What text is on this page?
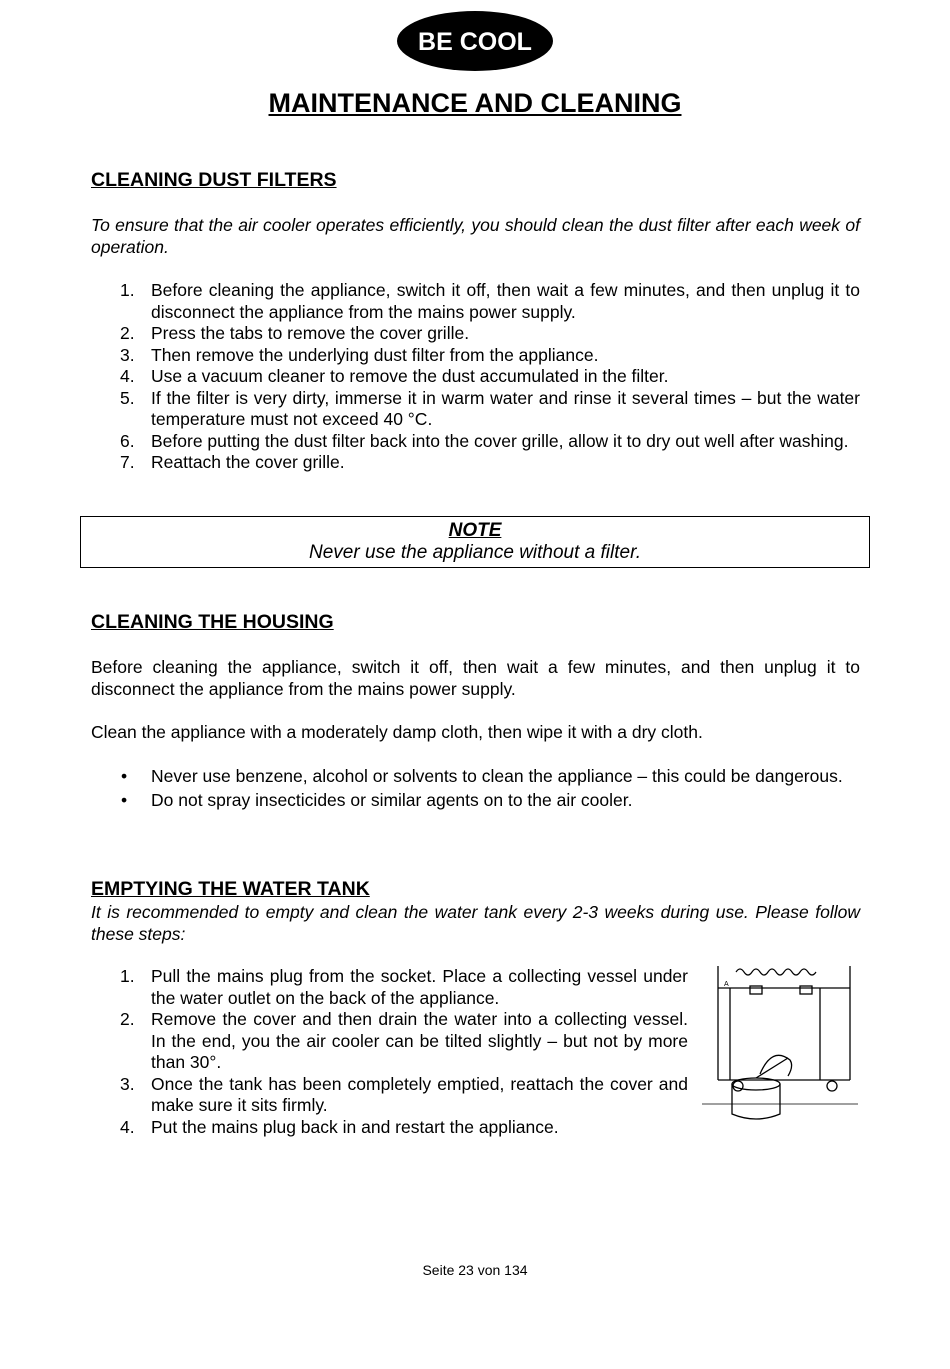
BE COOL
MAINTENANCE AND CLEANING
CLEANING DUST FILTERS

To ensure that the air cooler operates efficiently, you should clean the dust filter after each week of operation.

1. Before cleaning the appliance, switch it off, then wait a few minutes, and then unplug it to disconnect the appliance from the mains power supply.
2. Press the tabs to remove the cover grille.
3. Then remove the underlying dust filter from the appliance.
4. Use a vacuum cleaner to remove the dust accumulated in the filter.
5. If the filter is very dirty, immerse it in warm water and rinse it several times – but the water temperature must not exceed 40 °C.
6. Before putting the dust filter back into the cover grille, allow it to dry out well after washing.
7. Reattach the cover grille.
NOTE
Never use the appliance without a filter.
CLEANING THE HOUSING

Before cleaning the appliance, switch it off, then wait a few minutes, and then unplug it to disconnect the appliance from the mains power supply.

Clean the appliance with a moderately damp cloth, then wipe it with a dry cloth.

• Never use benzene, alcohol or solvents to clean the appliance – this could be dangerous.
• Do not spray insecticides or similar agents on to the air cooler.
EMPTYING THE WATER TANK

It is recommended to empty and clean the water tank every 2-3 weeks during use. Please follow these steps:

1. Pull the mains plug from the socket. Place a collecting vessel under the water outlet on the back of the appliance.
2. Remove the cover and then drain the water into a collecting vessel. In the end, you the air cooler can be tilted slightly – but not by more than 30°.
3. Once the tank has been completely emptied, reattach the cover and make sure it sits firmly.
4. Put the mains plug back in and restart the appliance.
A
Seite 23 von 134
